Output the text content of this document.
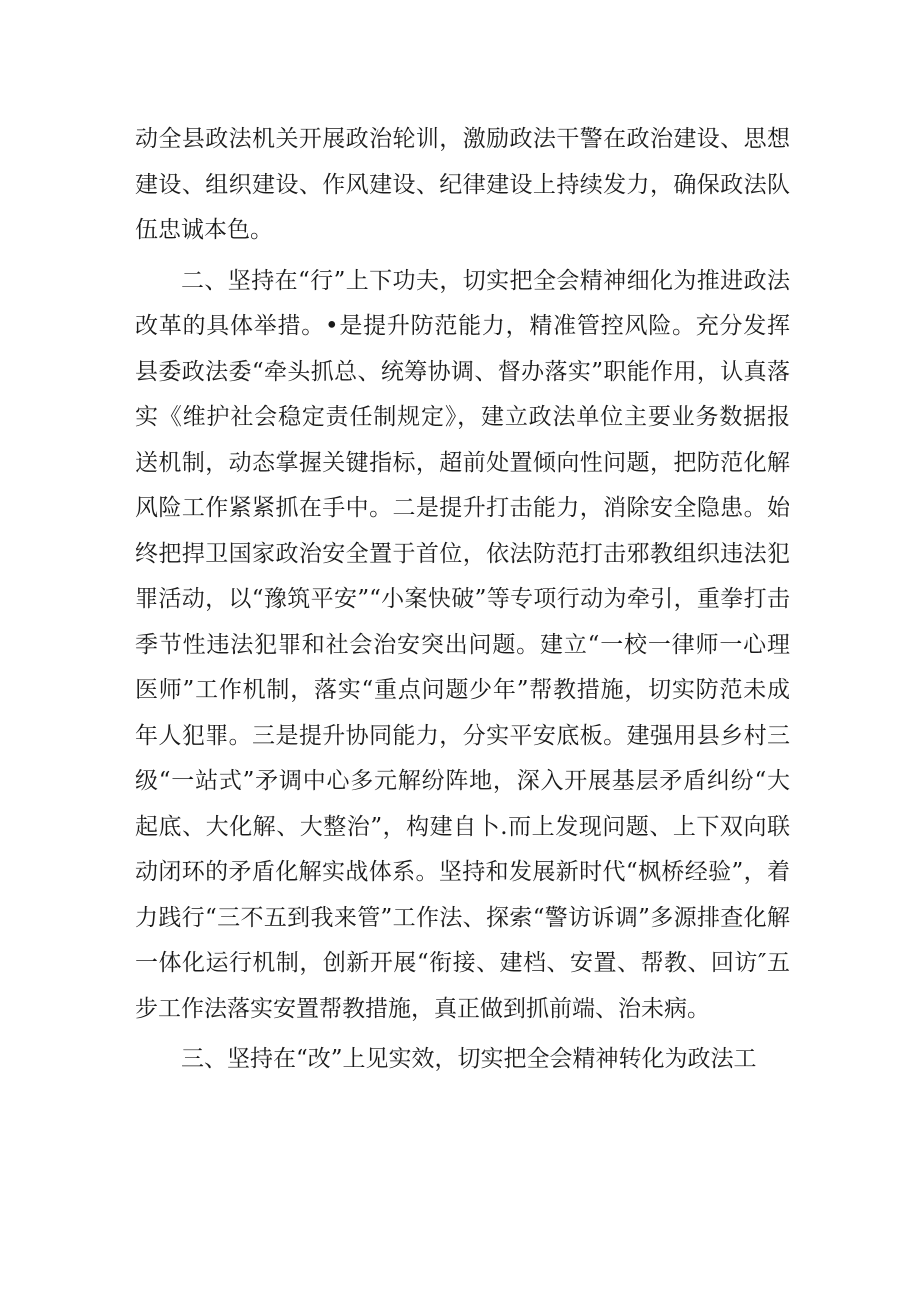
动全县政法机关开展政治轮训，激励政法干警在政治建设、思想建设、组织建设、作风建设、纪律建设上持续发力，确保政法队伍忠诚本色。

二、坚持在“行”上下功夫，切实把全会精神细化为推进政法改革的具体举措。•是提升防范能力，精准管控风险。充分发挥县委政法委“牵头抓总、统筹协调、督办落实”职能作用，认真落实《维护社会稳定责任制规定》，建立政法单位主要业务数据报送机制，动态掌握关键指标，超前处置倾向性问题，把防范化解风险工作紧紧抓在手中。二是提升打击能力，消除安全隐患。始终把捍卫国家政治安全置于首位，依法防范打击邪教组织违法犯罪活动，以“豫筑平安”“小案快破”等专项行动为牵引，重拳打击季节性违法犯罪和社会治安突出问题。建立“一校一律师一心理医师”工作机制，落实“重点问题少年”帮教措施，切实防范未成年人犯罪。三是提升协同能力，分实平安底板。建强用县乡村三级“一站式”矛调中心多元解纷阵地，深入开展基层矛盾纠纷“大起底、大化解、大整治”，构建自卜.而上发现问题、上下双向联动闭环的矛盾化解实战体系。坚持和发展新时代“枫桥经验”，着力践行“三不五到我来管”工作法、探索“警访诉调”多源排查化解一体化运行机制，创新开展“衔接、建档、安置、帮教、回访″五步工作法落实安置帮教措施，真正做到抓前端、治未病。

三、坚持在“改”上见实效，切实把全会精神转化为政法工
